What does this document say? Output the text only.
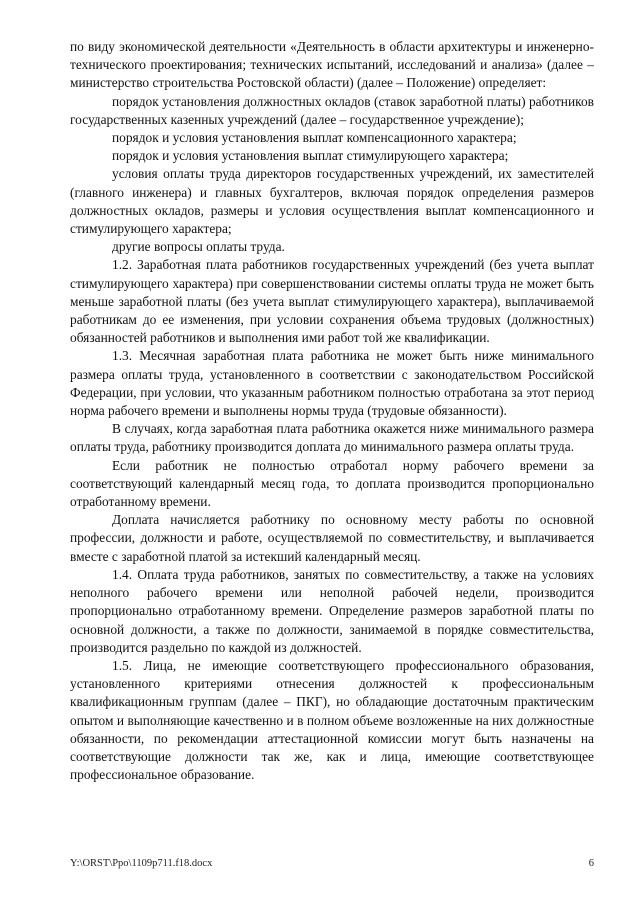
по виду экономической деятельности «Деятельность в области архитектуры и инженерно-технического проектирования; технических испытаний, исследований и анализа» (далее – министерство строительства Ростовской области) (далее – Положение) определяет:

порядок установления должностных окладов (ставок заработной платы) работников государственных казенных учреждений (далее – государственное учреждение);

порядок и условия установления выплат компенсационного характера;

порядок и условия установления выплат стимулирующего характера;

условия оплаты труда директоров государственных учреждений, их заместителей (главного инженера) и главных бухгалтеров, включая порядок определения размеров должностных окладов, размеры и условия осуществления выплат компенсационного и стимулирующего характера;

другие вопросы оплаты труда.

1.2. Заработная плата работников государственных учреждений (без учета выплат стимулирующего характера) при совершенствовании системы оплаты труда не может быть меньше заработной платы (без учета выплат стимулирующего характера), выплачиваемой работникам до ее изменения, при условии сохранения объема трудовых (должностных) обязанностей работников и выполнения ими работ той же квалификации.

1.3. Месячная заработная плата работника не может быть ниже минимального размера оплаты труда, установленного в соответствии с законодательством Российской Федерации, при условии, что указанным работником полностью отработана за этот период норма рабочего времени и выполнены нормы труда (трудовые обязанности).

В случаях, когда заработная плата работника окажется ниже минимального размера оплаты труда, работнику производится доплата до минимального размера оплаты труда.

Если работник не полностью отработал норму рабочего времени за соответствующий календарный месяц года, то доплата производится пропорционально отработанному времени.

Доплата начисляется работнику по основному месту работы по основной профессии, должности и работе, осуществляемой по совместительству, и выплачивается вместе с заработной платой за истекший календарный месяц.

1.4. Оплата труда работников, занятых по совместительству, а также на условиях неполного рабочего времени или неполной рабочей недели, производится пропорционально отработанному времени. Определение размеров заработной платы по основной должности, а также по должности, занимаемой в порядке совместительства, производится раздельно по каждой из должностей.

1.5. Лица, не имеющие соответствующего профессионального образования, установленного критериями отнесения должностей к профессиональным квалификационным группам (далее – ПКГ), но обладающие достаточным практическим опытом и выполняющие качественно и в полном объеме возложенные на них должностные обязанности, по рекомендации аттестационной комиссии могут быть назначены на соответствующие должности так же, как и лица, имеющие соответствующее профессиональное образование.

Y:\ORST\Ppo\1109p711.f18.docx	6
